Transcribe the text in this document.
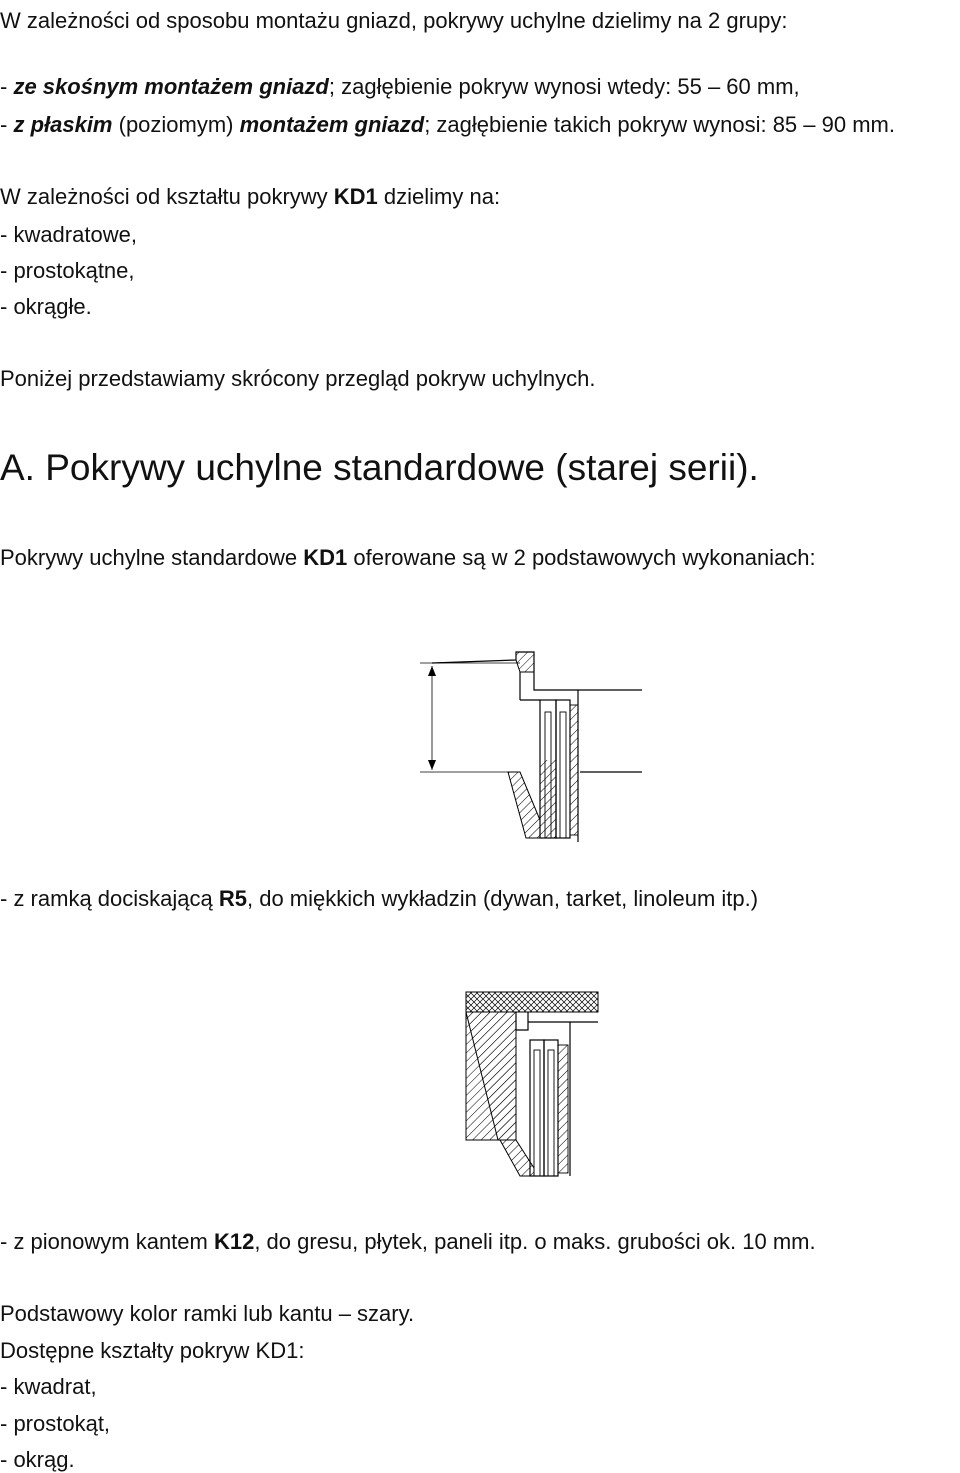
W zależności od sposobu montażu gniazd, pokrywy uchylne dzielimy na 2 grupy:
- ze skośnym montażem gniazd; zagłębienie pokryw wynosi wtedy: 55 – 60 mm,
- z płaskim (poziomym) montażem gniazd; zagłębienie takich pokryw wynosi: 85 – 90 mm.
W zależności od kształtu pokrywy KD1 dzielimy na:
- kwadratowe,
- prostokątne,
- okrągłe.
Poniżej przedstawiamy skrócony przegląd pokryw uchylnych.
A. Pokrywy uchylne standardowe (starej serii).
Pokrywy uchylne standardowe KD1 oferowane są w 2 podstawowych wykonaniach:
- z ramką dociskającą R5, do miękkich wykładzin (dywan, tarket, linoleum itp.)
- z pionowym kantem K12, do gresu, płytek, paneli itp. o maks. grubości ok. 10 mm.
Podstawowy kolor ramki lub kantu – szary.
Dostępne kształty pokryw KD1:
- kwadrat,
- prostokąt,
- okrąg.
